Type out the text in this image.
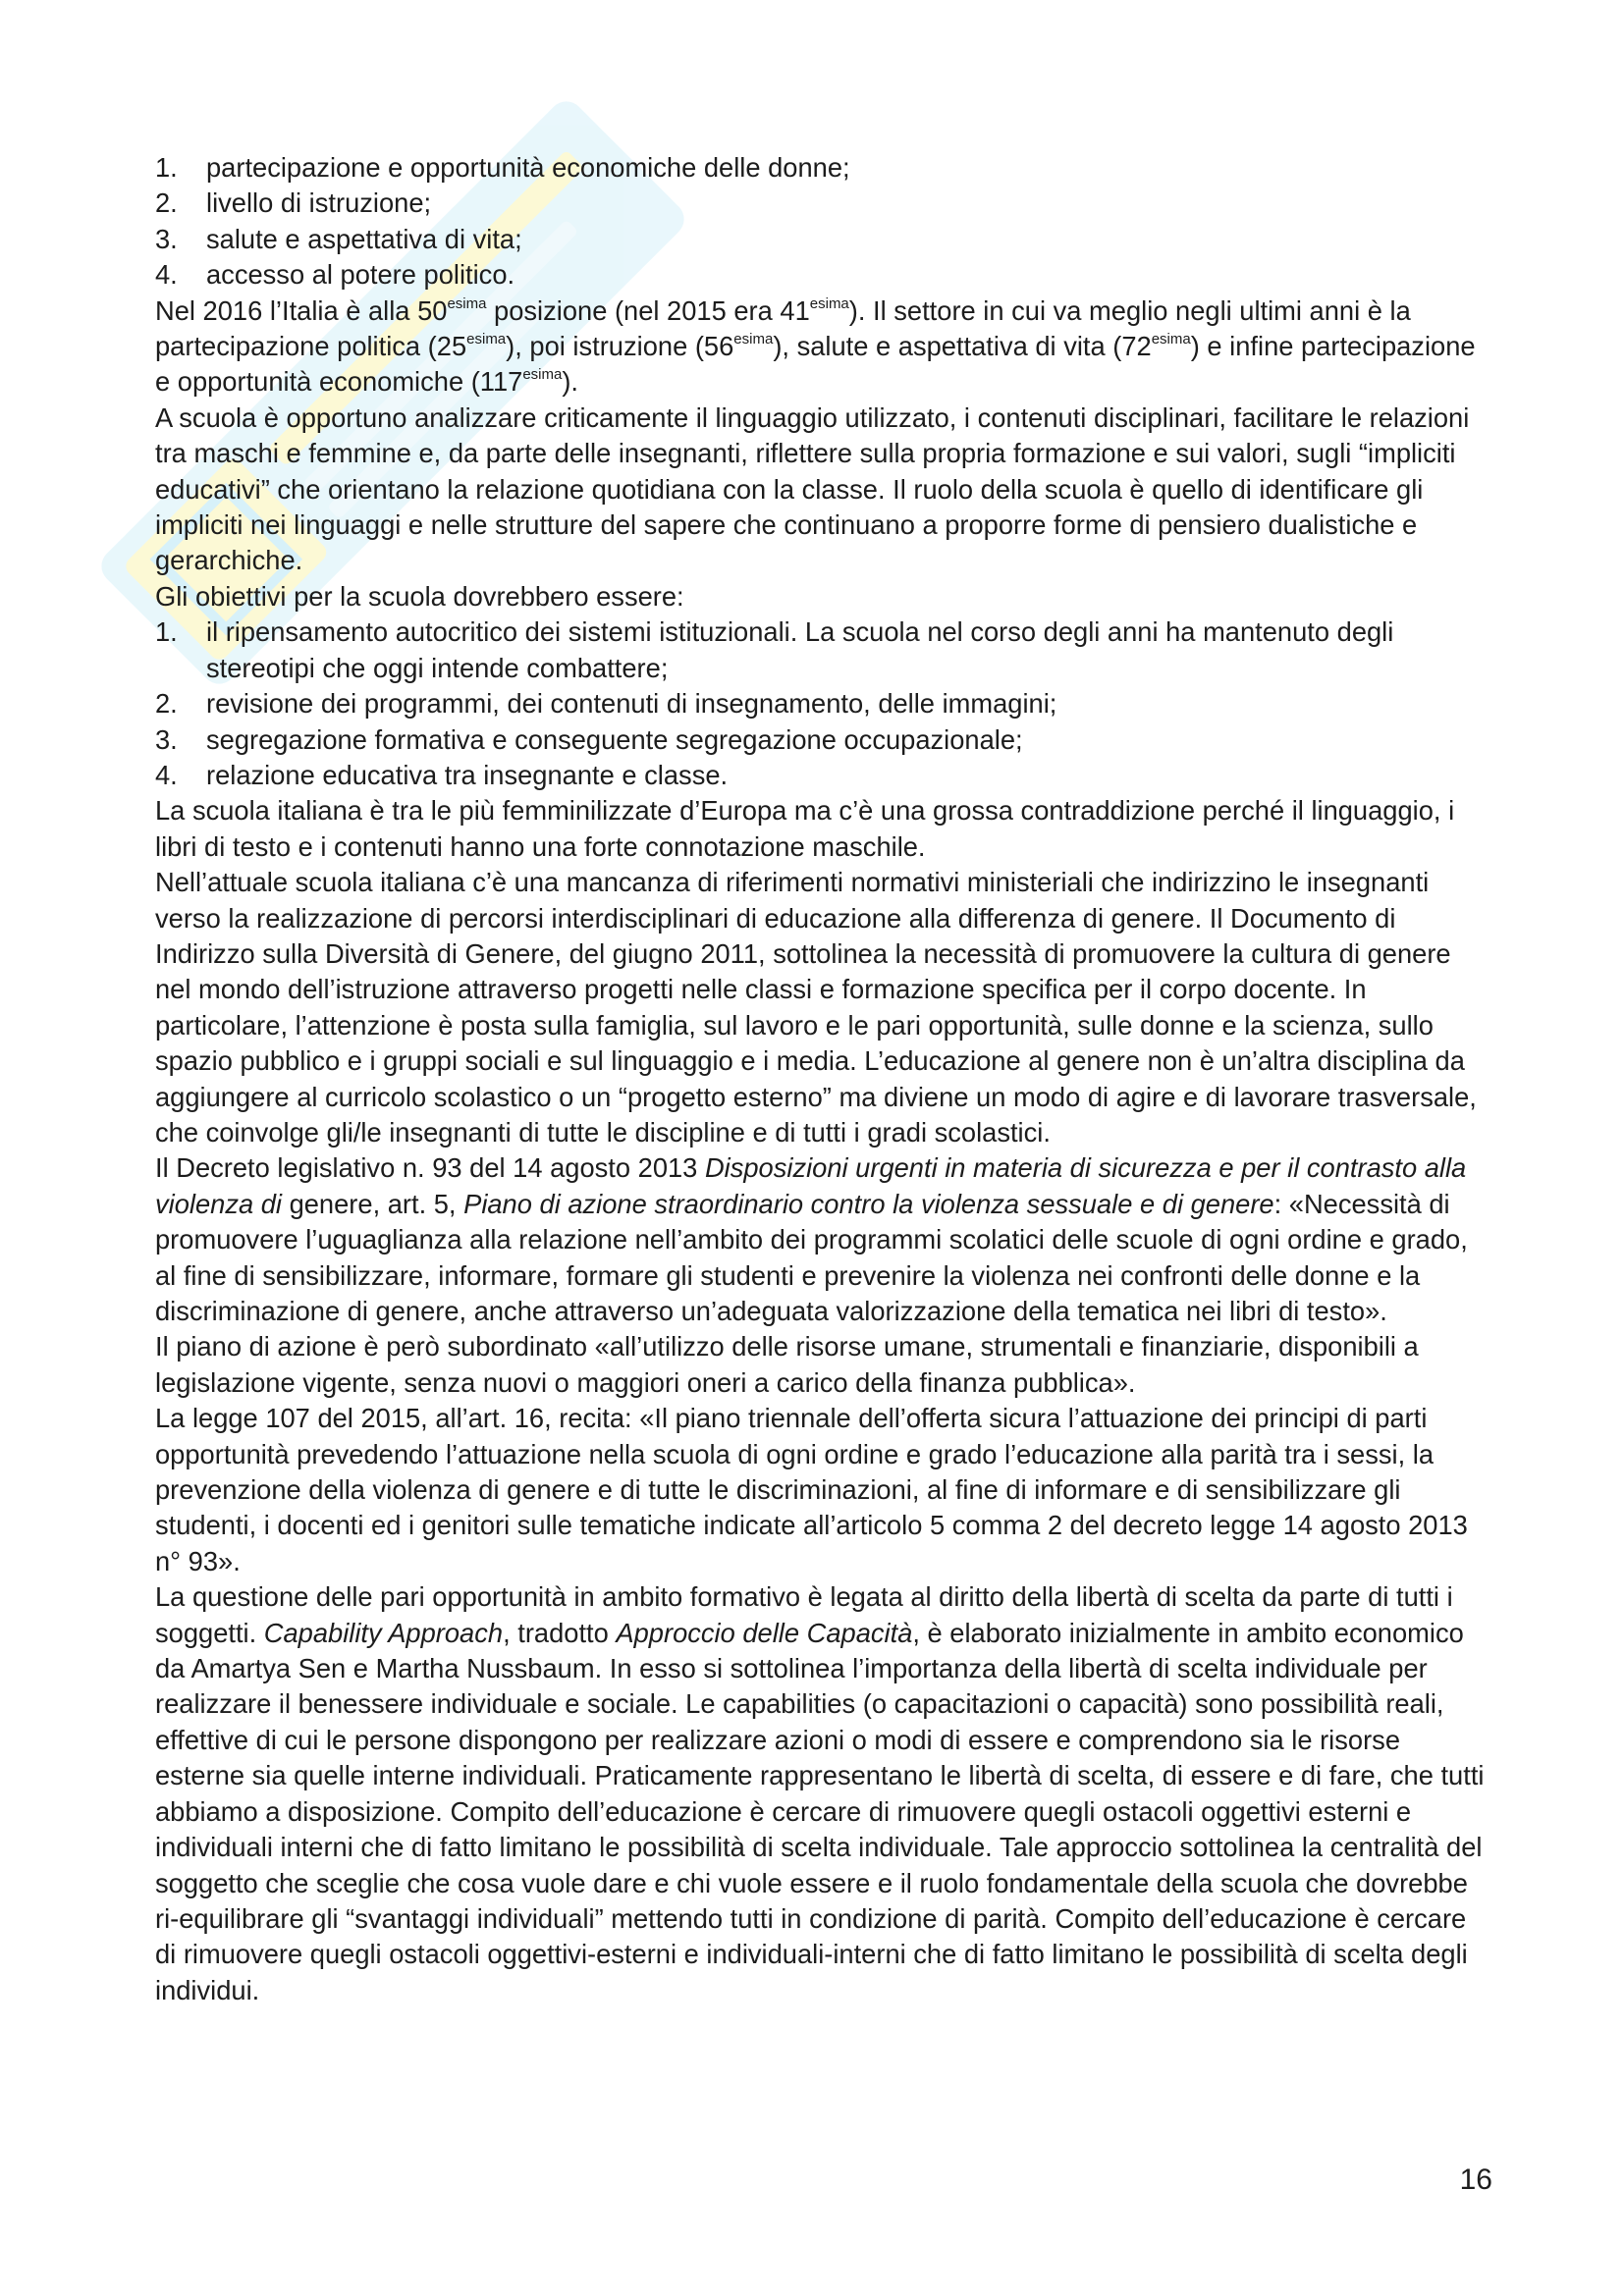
1.	partecipazione e opportunità economiche delle donne;
2.	livello di istruzione;
3.	salute e aspettativa di vita;
4.	accesso al potere politico.

Nel 2016 l’Italia è alla $50^{esima}$ posizione (nel 2015 era $41^{esima}$). Il settore in cui va meglio negli ultimi anni è la partecipazione politica $(25^{esima})$, poi istruzione $(56^{esima})$, salute e aspettativa di vita $(72^{esima})$ e infine partecipazione e opportunità economiche $(117^{esima})$.

A scuola è opportuno analizzare criticamente il linguaggio utilizzato, i contenuti disciplinari, facilitare le relazioni tra maschi e femmine e, da parte delle insegnanti, riflettere sulla propria formazione e sui valori, sugli “impliciti educativi” che orientano la relazione quotidiana con la classe. Il ruolo della scuola è quello di identificare gli impliciti nei linguaggi e nelle strutture del sapere che continuano a proporre forme di pensiero dualistiche e gerarchiche.

Gli obiettivi per la scuola dovrebbero essere:

1.	il ripensamento autocritico dei sistemi istituzionali. La scuola nel corso degli anni ha mantenuto degli stereotipi che oggi intende combattere;
2.	revisione dei programmi, dei contenuti di insegnamento, delle immagini;
3.	segregazione formativa e conseguente segregazione occupazionale;
4.	relazione educativa tra insegnante e classe.

La scuola italiana è tra le più femminilizzate d’Europa ma c’è una grossa contraddizione perché il linguaggio, i libri di testo e i contenuti hanno una forte connotazione maschile.

Nell’attuale scuola italiana c’è una mancanza di riferimenti normativi ministeriali che indirizzino le insegnanti verso la realizzazione di percorsi interdisciplinari di educazione alla differenza di genere. Il Documento di Indirizzo sulla Diversità di Genere, del giugno 2011, sottolinea la necessità di promuovere la cultura di genere nel mondo dell’istruzione attraverso progetti nelle classi e formazione specifica per il corpo docente. In particolare, l’attenzione è posta sulla famiglia, sul lavoro e le pari opportunità, sulle donne e la scienza, sullo spazio pubblico e i gruppi sociali e sul linguaggio e i media. L’educazione al genere non è un’altra disciplina da aggiungere al curricolo scolastico o un “progetto esterno” ma diviene un modo di agire e di lavorare trasversale, che coinvolge gli/le insegnanti di tutte le discipline e di tutti i gradi scolastici.

Il Decreto legislativo n. 93 del 14 agosto 2013 Disposizioni urgenti in materia di sicurezza e per il contrasto alla violenza di genere, art. 5, Piano di azione straordinario contro la violenza sessuale e di genere: «Necessità di promuovere l’uguaglianza alla relazione nell’ambito dei programmi scolatici delle scuole di ogni ordine e grado, al fine di sensibilizzare, informare, formare gli studenti e prevenire la violenza nei confronti delle donne e la discriminazione di genere, anche attraverso un’adeguata valorizzazione della tematica nei libri di testo».

Il piano di azione è però subordinato «all’utilizzo delle risorse umane, strumentali e finanziarie, disponibili a legislazione vigente, senza nuovi o maggiori oneri a carico della finanza pubblica».

La legge 107 del 2015, all’art. 16, recita: «Il piano triennale dell’offerta sicura l’attuazione dei principi di parti opportunità prevedendo l’attuazione nella scuola di ogni ordine e grado l’educazione alla parità tra i sessi, la prevenzione della violenza di genere e di tutte le discriminazioni, al fine di informare e di sensibilizzare gli studenti, i docenti ed i genitori sulle tematiche indicate all’articolo 5 comma 2 del decreto legge 14 agosto 2013 n° 93».

La questione delle pari opportunità in ambito formativo è legata al diritto della libertà di scelta da parte di tutti i soggetti. Capability Approach, tradotto Approccio delle Capacità, è elaborato inizialmente in ambito economico da Amartya Sen e Martha Nussbaum. In esso si sottolinea l’importanza della libertà di scelta individuale per realizzare il benessere individuale e sociale. Le capabilities (o capacitazioni o capacità) sono possibilità reali, effettive di cui le persone dispongono per realizzare azioni o modi di essere e comprendono sia le risorse esterne sia quelle interne individuali. Praticamente rappresentano le libertà di scelta, di essere e di fare, che tutti abbiamo a disposizione. Compito dell’educazione è cercare di rimuovere quegli ostacoli oggettivi esterni e individuali interni che di fatto limitano le possibilità di scelta individuale. Tale approccio sottolinea la centralità del soggetto che sceglie che cosa vuole dare e chi vuole essere e il ruolo fondamentale della scuola che dovrebbe ri-equilibrare gli “svantaggi individuali” mettendo tutti in condizione di parità. Compito dell’educazione è cercare di rimuovere quegli ostacoli oggettivi-esterni e individuali-interni che di fatto limitano le possibilità di scelta degli individui.

16
